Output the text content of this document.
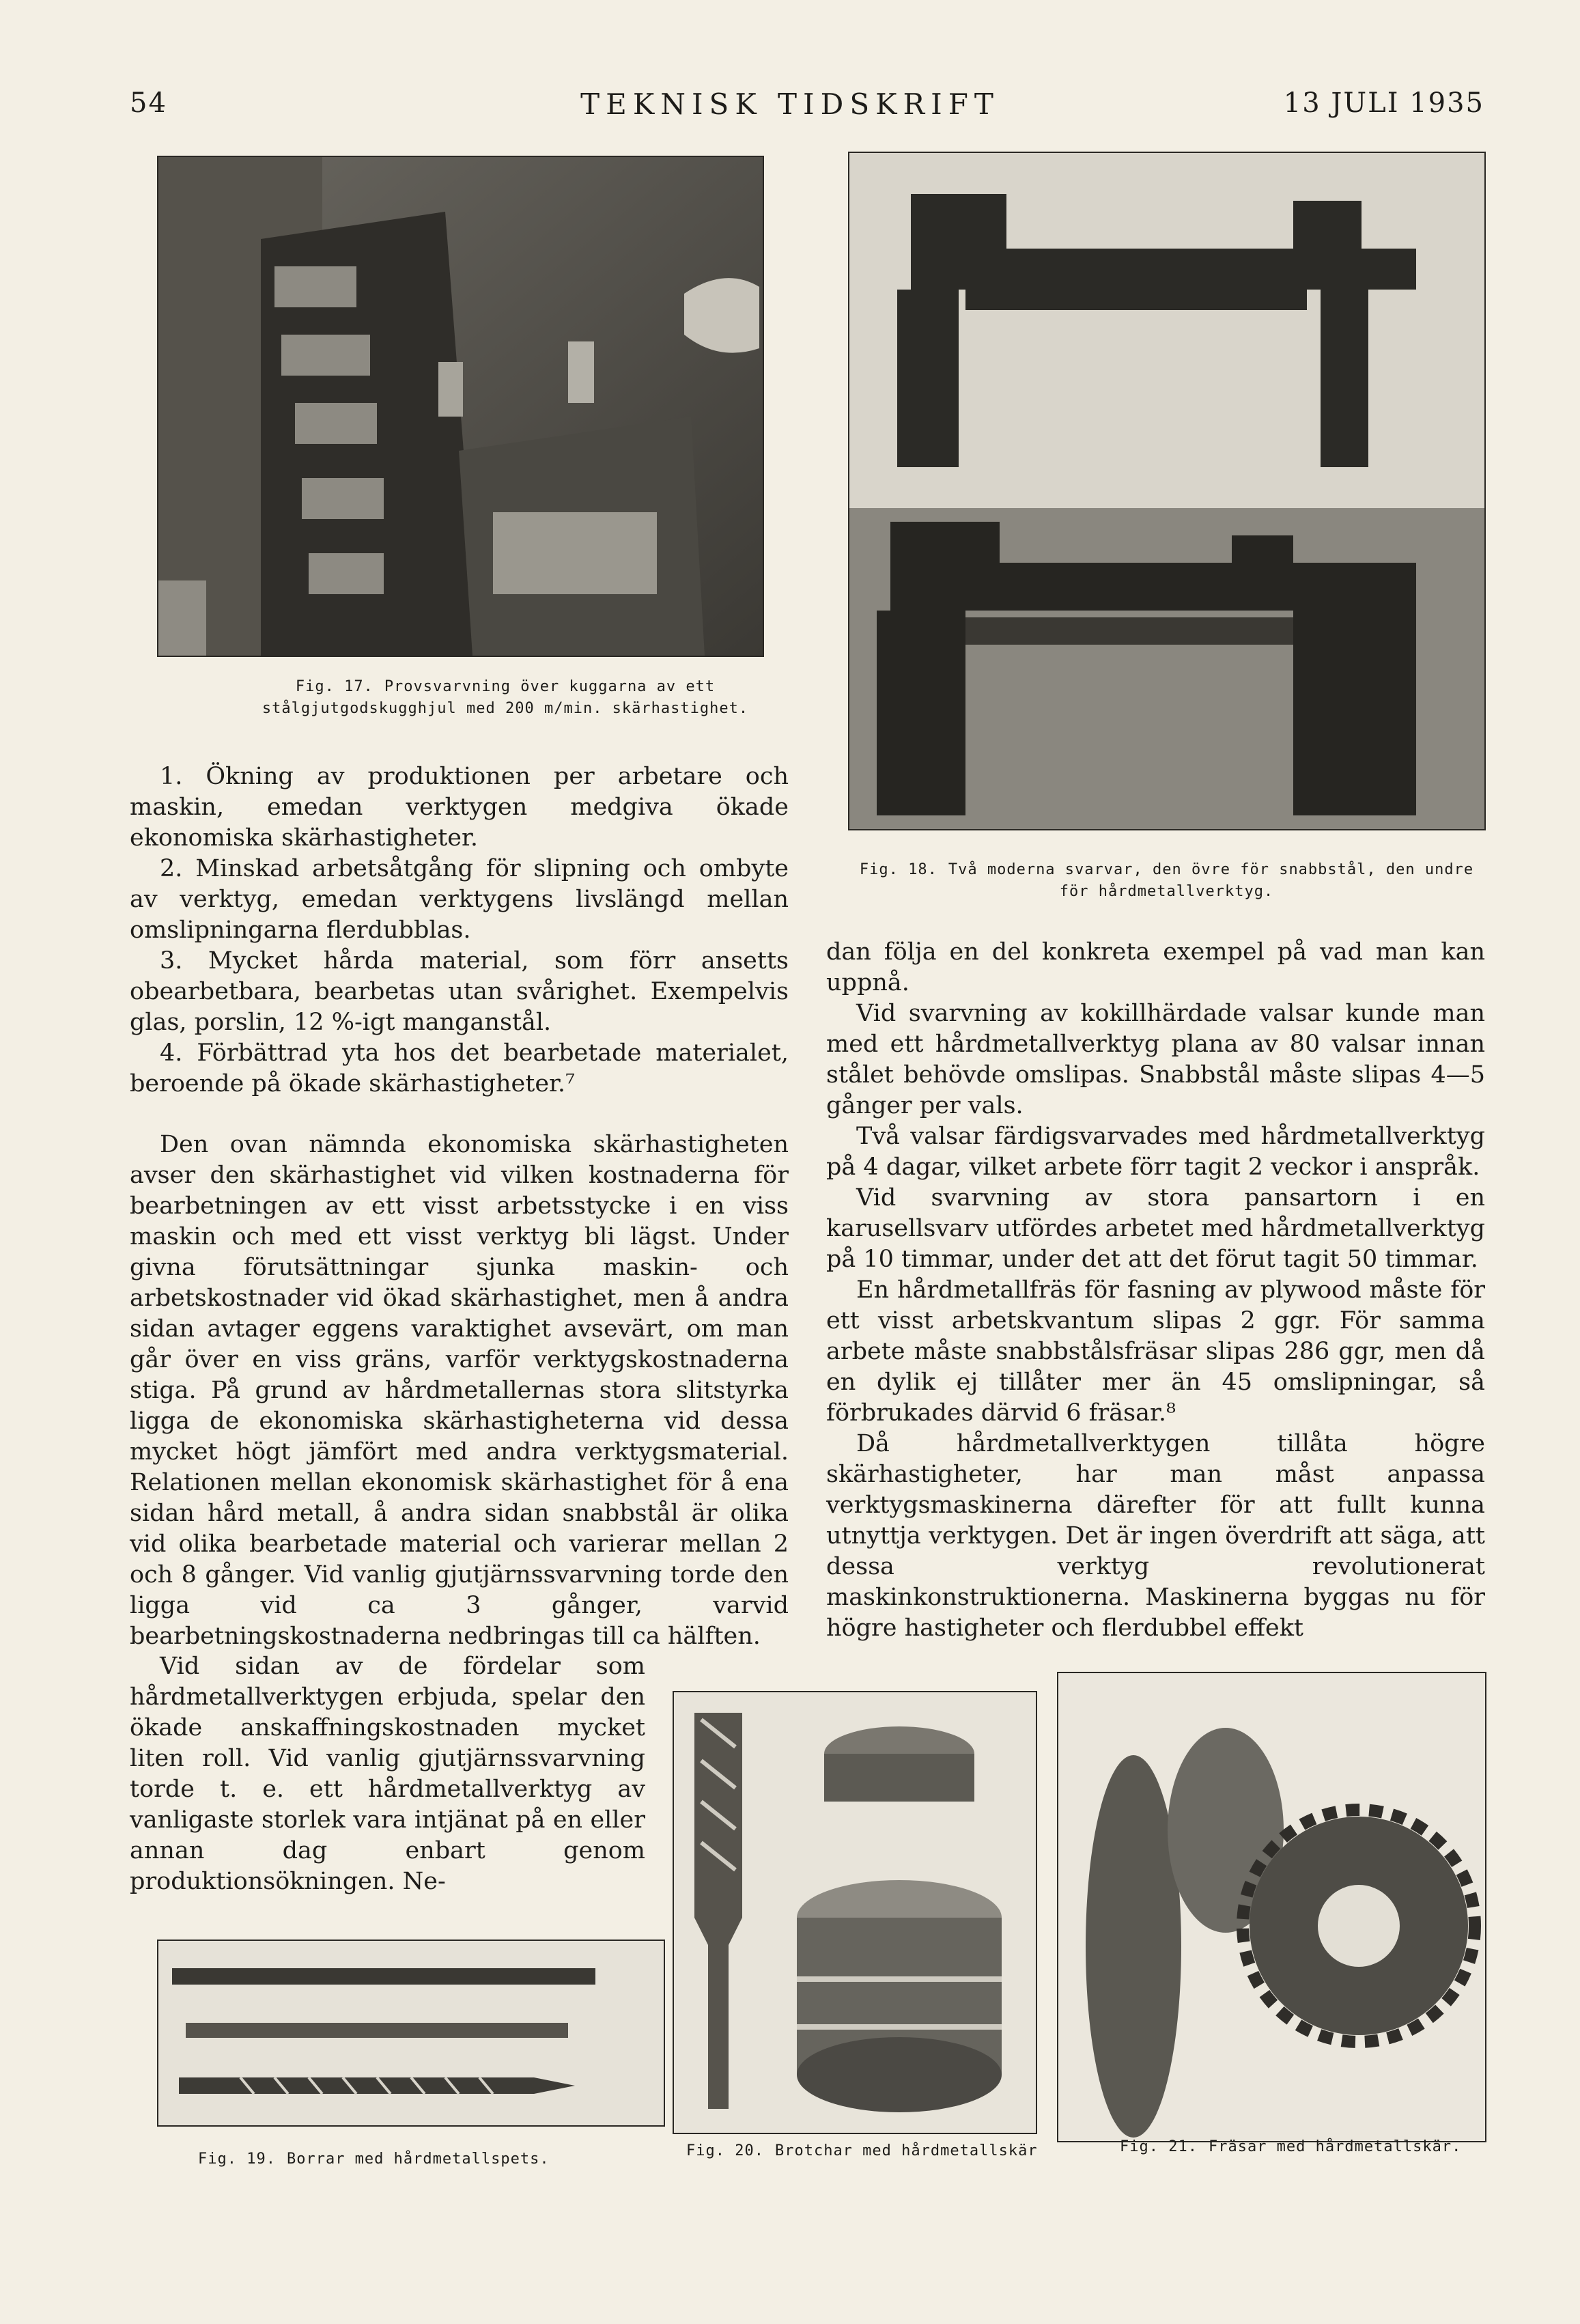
54	TEKNISK TIDSKRIFT	13 JULI 1935
Fig. 17. Provsvarvning över kuggarna av ett stålgjutgodskugghjul med 200 m/min. skärhastighet.
Fig. 18. Två moderna svarvar, den övre för snabbstål, den undre för hårdmetallverktyg.

1. Ökning av produktionen per arbetare och maskin, emedan verktygen medgiva ökade ekonomiska skärhastigheter.

2. Minskad arbetsåtgång för slipning och ombyte av verktyg, emedan verktygens livslängd mellan omslipningarna flerdubblas.

3. Mycket hårda material, som förr ansetts obearbetbara, bearbetas utan svårighet. Exempelvis glas, porslin, 12 %-igt manganstål.

4. Förbättrad yta hos det bearbetade materialet, beroende på ökade skärhastigheter.⁷

Den ovan nämnda ekonomiska skärhastigheten avser den skärhastighet vid vilken kostnaderna för bearbetningen av ett visst arbetsstycke i en viss maskin och med ett visst verktyg bli lägst. Under givna förutsättningar sjunka maskin- och arbetskostnader vid ökad skärhastighet, men å andra sidan avtager eggens varaktighet avsevärt, om man går över en viss gräns, varför verktygskostnaderna stiga. På grund av hårdmetallernas stora slitstyrka ligga de ekonomiska skärhastigheterna vid dessa mycket högt jämfört med andra verktygsmaterial. Relationen mellan ekonomisk skärhastighet för å ena sidan hård metall, å andra sidan snabbstål är olika vid olika bearbetade material och varierar mellan 2 och 8 gånger. Vid vanlig gjutjärnssvarvning torde den ligga vid ca 3 gånger, varvid bearbetningskostnaderna nedbringas till ca hälften.

Vid sidan av de fördelar som hårdmetallverktygen erbjuda, spelar den ökade anskaffningskostnaden mycket liten roll. Vid vanlig gjutjärnssvarvning torde t. e. ett hårdmetallverktyg av vanligaste storlek vara intjänat på en eller annan dag enbart genom produktionsökningen. Ne-

dan följa en del konkreta exempel på vad man kan uppnå.

Vid svarvning av kokillhärdade valsar kunde man med ett hårdmetallverktyg plana av 80 valsar innan stålet behövde omslipas. Snabbstål måste slipas 4—5 gånger per vals.

Två valsar färdigsvarvades med hårdmetallverktyg på 4 dagar, vilket arbete förr tagit 2 veckor i anspråk.

Vid svarvning av stora pansartorn i en karusellsvarv utfördes arbetet med hårdmetallverktyg på 10 timmar, under det att det förut tagit 50 timmar.

En hårdmetallfräs för fasning av plywood måste för ett visst arbetskvantum slipas 2 ggr. För samma arbete måste snabbstålsfräsar slipas 286 ggr, men då en dylik ej tillåter mer än 45 omslipningar, så förbrukades därvid 6 fräsar.⁸

Då hårdmetallverktygen tillåta högre skärhastigheter, har man måst anpassa verktygsmaskinerna därefter för att fullt kunna utnyttja verktygen. Det är ingen överdrift att säga, att dessa verktyg revolutionerat maskinkonstruktionerna. Maskinerna byggas nu för högre hastigheter och flerdubbel effekt

Fig. 19. Borrar med hårdmetallspets.	Fig. 20. Brotchar med hårdmetallskär	Fig. 21. Fräsar med hårdmetallskär.
